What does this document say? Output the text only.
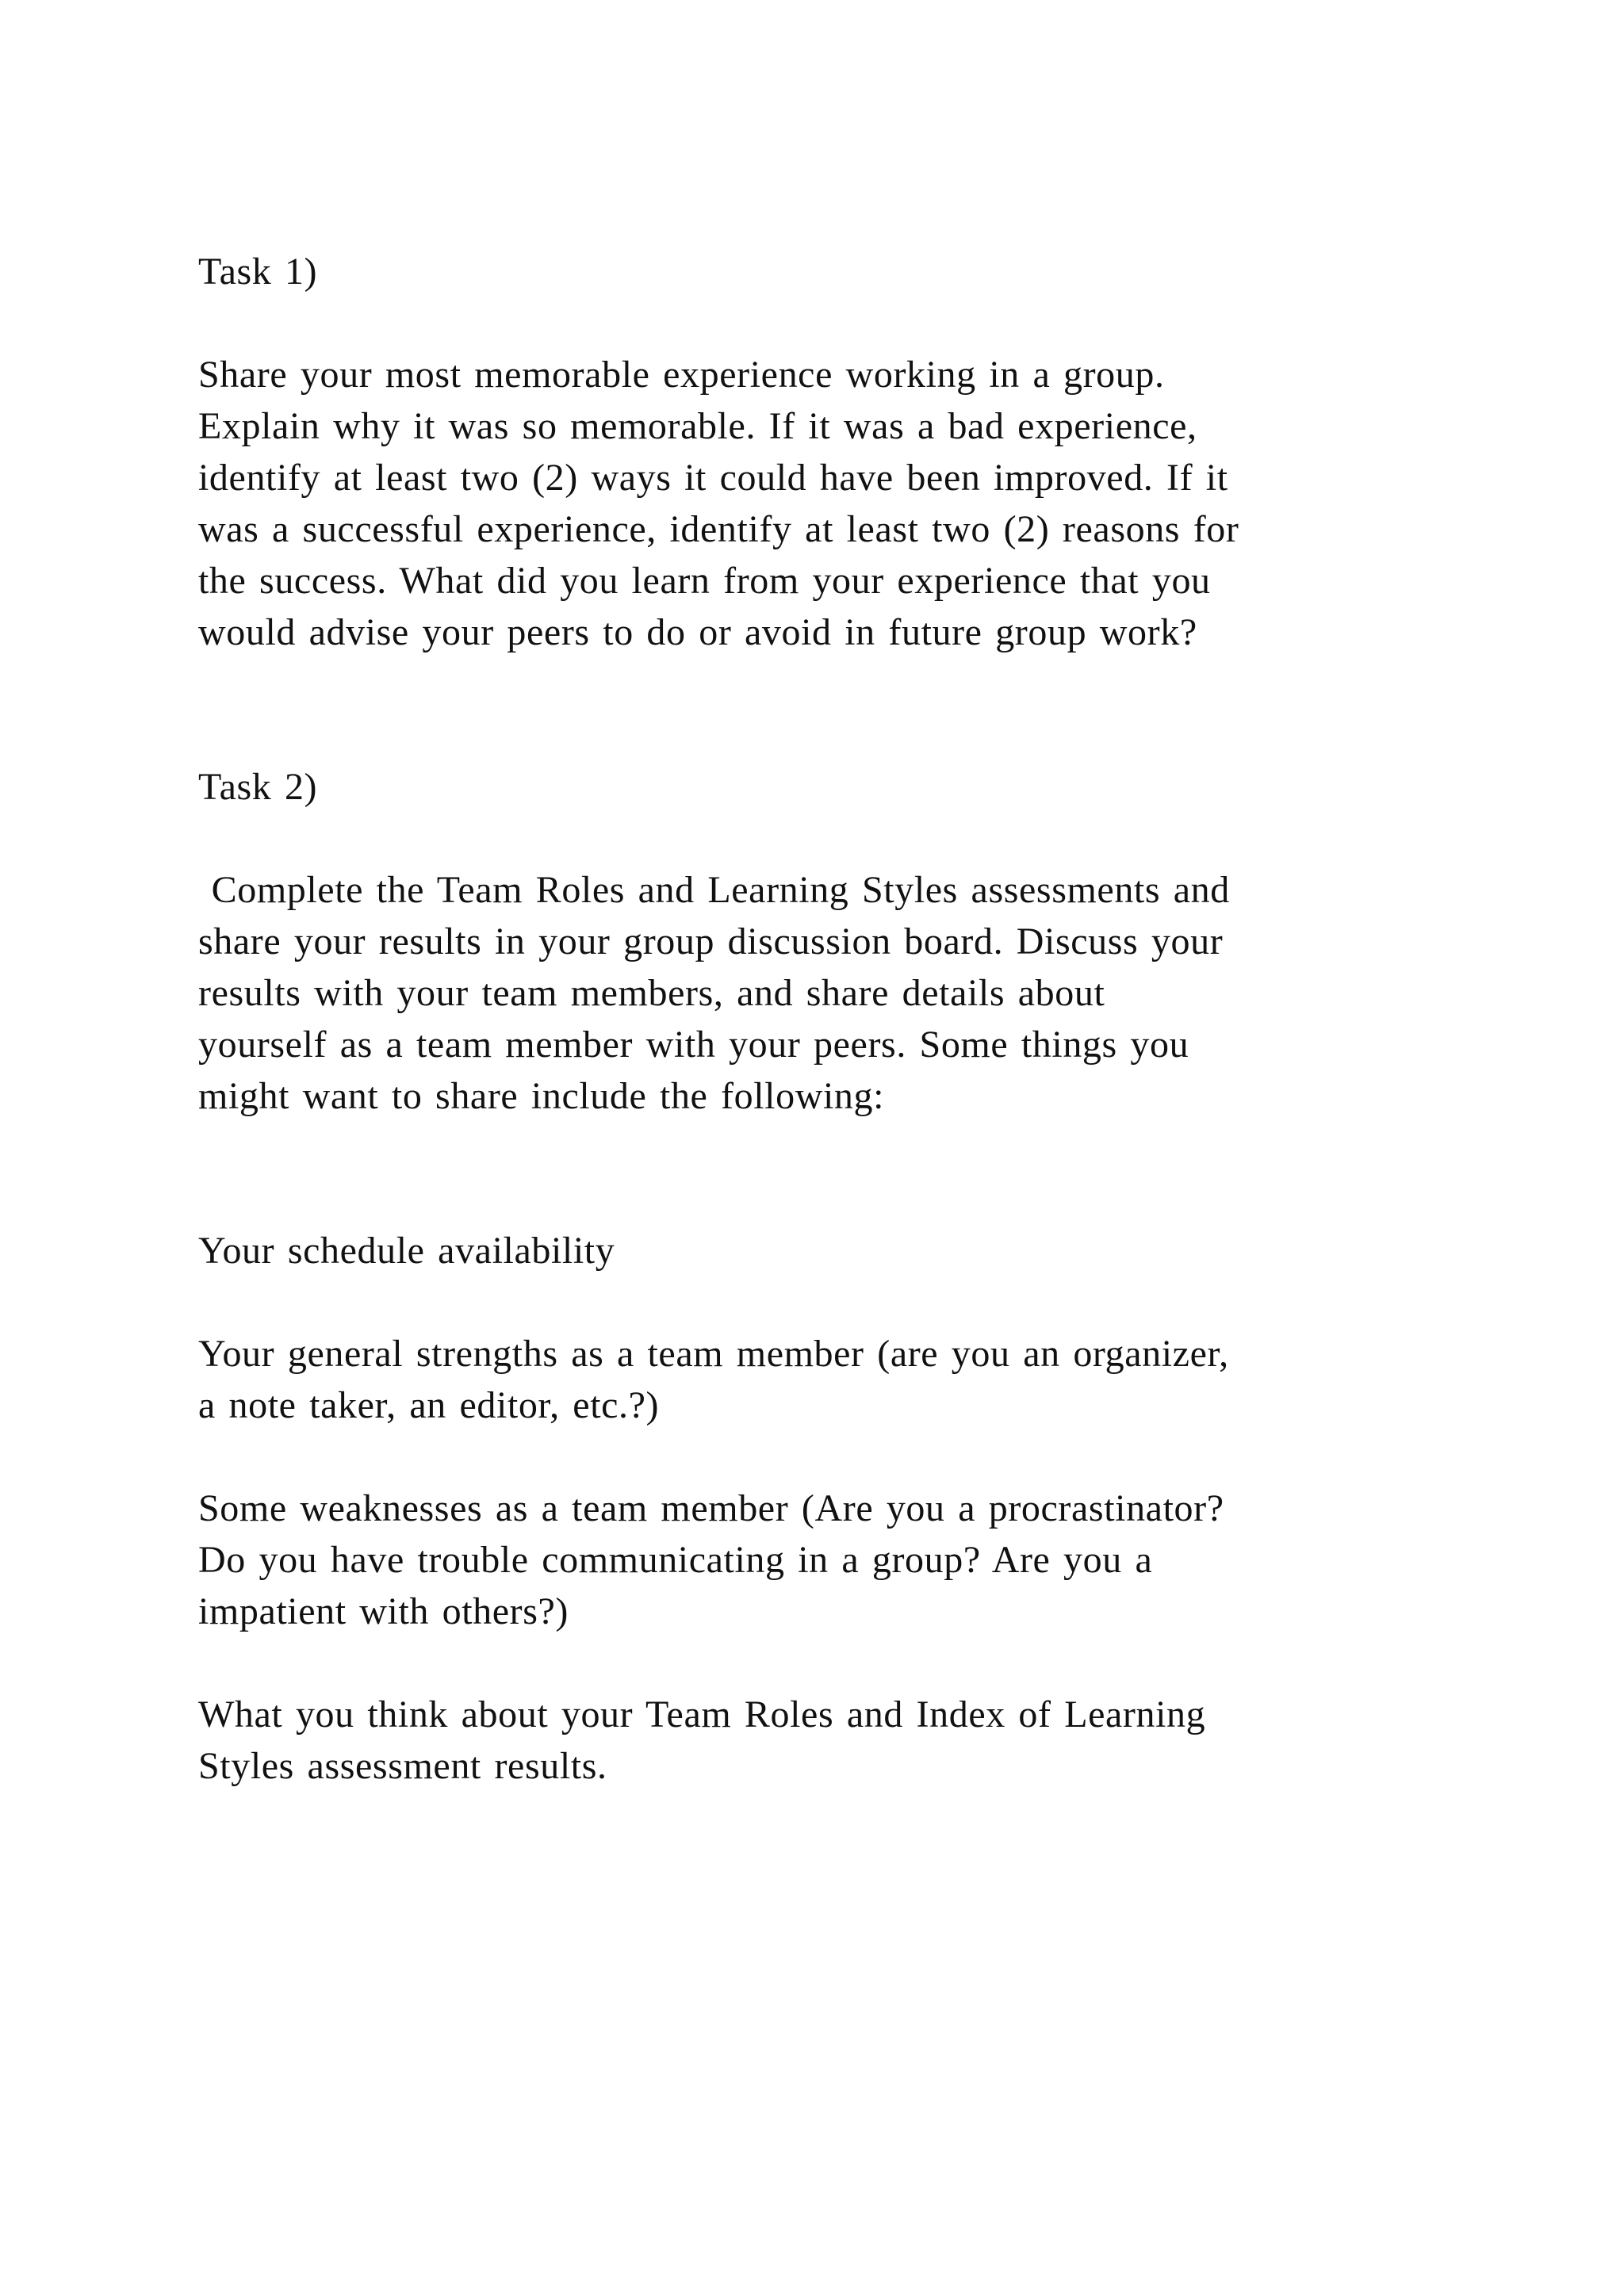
Task 1)
Share your most memorable experience working in a group.
Explain why it was so memorable. If it was a bad experience,
identify at least two (2) ways it could have been improved. If it
was a successful experience, identify at least two (2) reasons for
the success. What did you learn from your experience that you
would advise your peers to do or avoid in future group work?
Task 2)
Complete the Team Roles and Learning Styles assessments and
share your results in your group discussion board. Discuss your
results with your team members, and share details about
yourself as a team member with your peers. Some things you
might want to share include the following:
Your schedule availability
Your general strengths as a team member (are you an organizer,
a note taker, an editor, etc.?)
Some weaknesses as a team member (Are you a procrastinator?
Do you have trouble communicating in a group? Are you a
impatient with others?)
What you think about your Team Roles and Index of Learning
Styles assessment results.
